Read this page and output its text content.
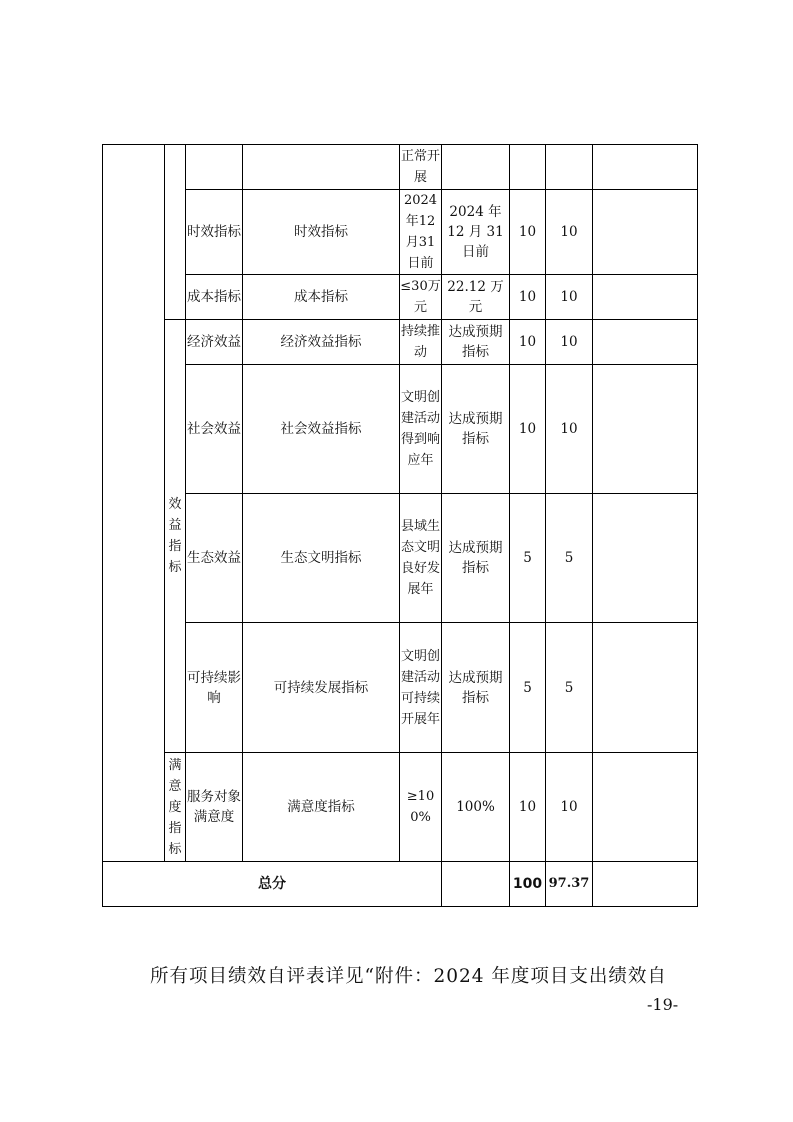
				正常开展				
		时效指标	时效指标	2024年12月31日前	2024 年 12 月 31 日前	10	10	
		成本指标	成本指标	≤30万元	22.12 万元	10	10	
	效益指标	经济效益	经济效益指标	持续推动	达成预期指标	10	10	
		社会效益	社会效益指标	文明创建活动得到响应年	达成预期指标	10	10	
		生态效益	生态文明指标	县域生态文明良好发展年	达成预期指标	5	5	
		可持续影响	可持续发展指标	文明创建活动可持续开展年	达成预期指标	5	5	
	满意度指标	服务对象满意度	满意度指标	≥100%	100%	10	10	
总分						100	97.37	
所有项目绩效自评表详见“附件：2024 年度项目支出绩效自
-19-
